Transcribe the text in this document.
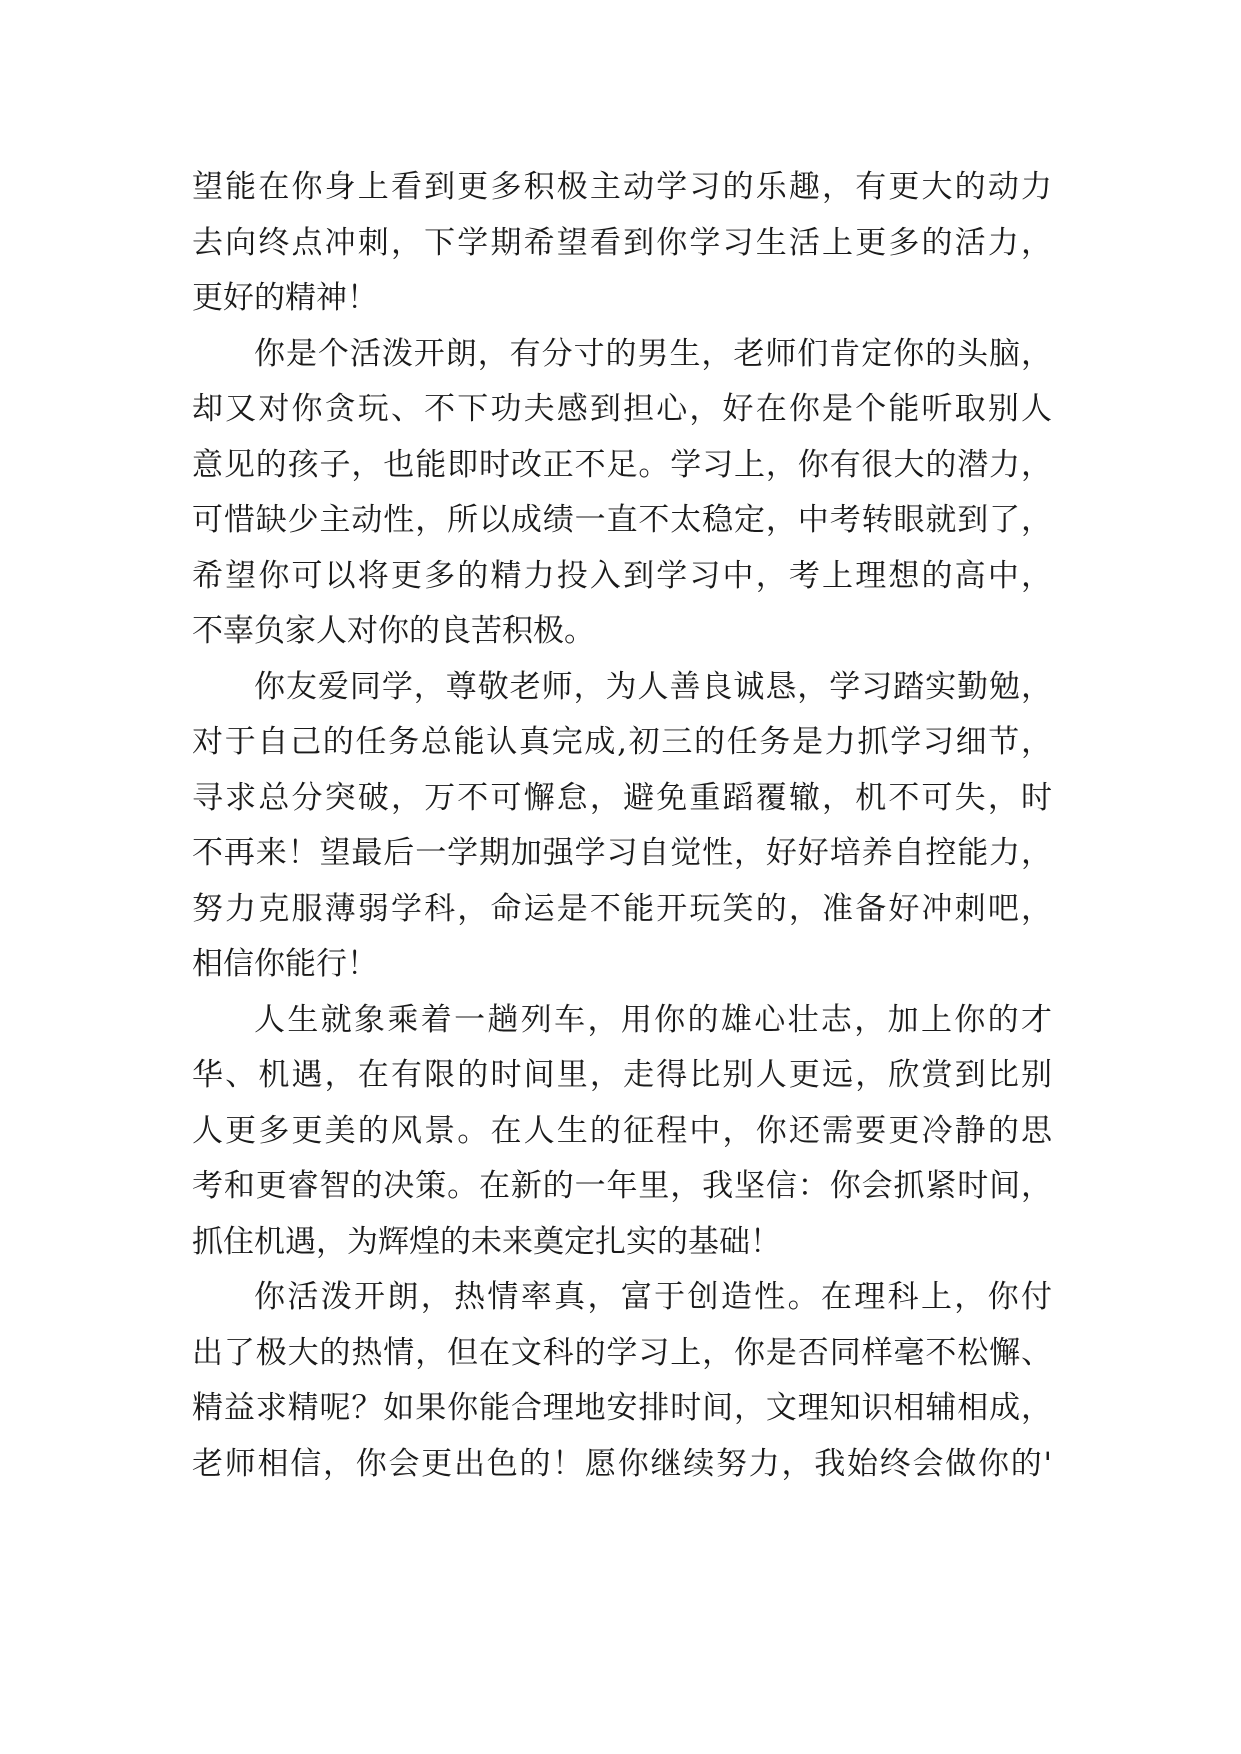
望能在你身上看到更多积极主动学习的乐趣，有更大的动力
去向终点冲刺，下学期希望看到你学习生活上更多的活力，
更好的精神！
你是个活泼开朗，有分寸的男生，老师们肯定你的头脑，
却又对你贪玩、不下功夫感到担心，好在你是个能听取别人
意见的孩子，也能即时改正不足。学习上，你有很大的潜力，
可惜缺少主动性，所以成绩一直不太稳定，中考转眼就到了，
希望你可以将更多的精力投入到学习中，考上理想的高中，
不辜负家人对你的良苦积极。
你友爱同学，尊敬老师，为人善良诚恳，学习踏实勤勉，
对于自己的任务总能认真完成,初三的任务是力抓学习细节，
寻求总分突破，万不可懈怠，避免重蹈覆辙，机不可失，时
不再来！望最后一学期加强学习自觉性，好好培养自控能力，
努力克服薄弱学科，命运是不能开玩笑的，准备好冲刺吧，
相信你能行！
人生就象乘着一趟列车，用你的雄心壮志，加上你的才
华、机遇，在有限的时间里，走得比别人更远，欣赏到比别
人更多更美的风景。在人生的征程中，你还需要更冷静的思
考和更睿智的决策。在新的一年里，我坚信：你会抓紧时间，
抓住机遇，为辉煌的未来奠定扎实的基础！
你活泼开朗，热情率真，富于创造性。在理科上，你付
出了极大的热情，但在文科的学习上，你是否同样毫不松懈、
精益求精呢？如果你能合理地安排时间，文理知识相辅相成，
老师相信，你会更出色的！愿你继续努力，我始终会做你的'
